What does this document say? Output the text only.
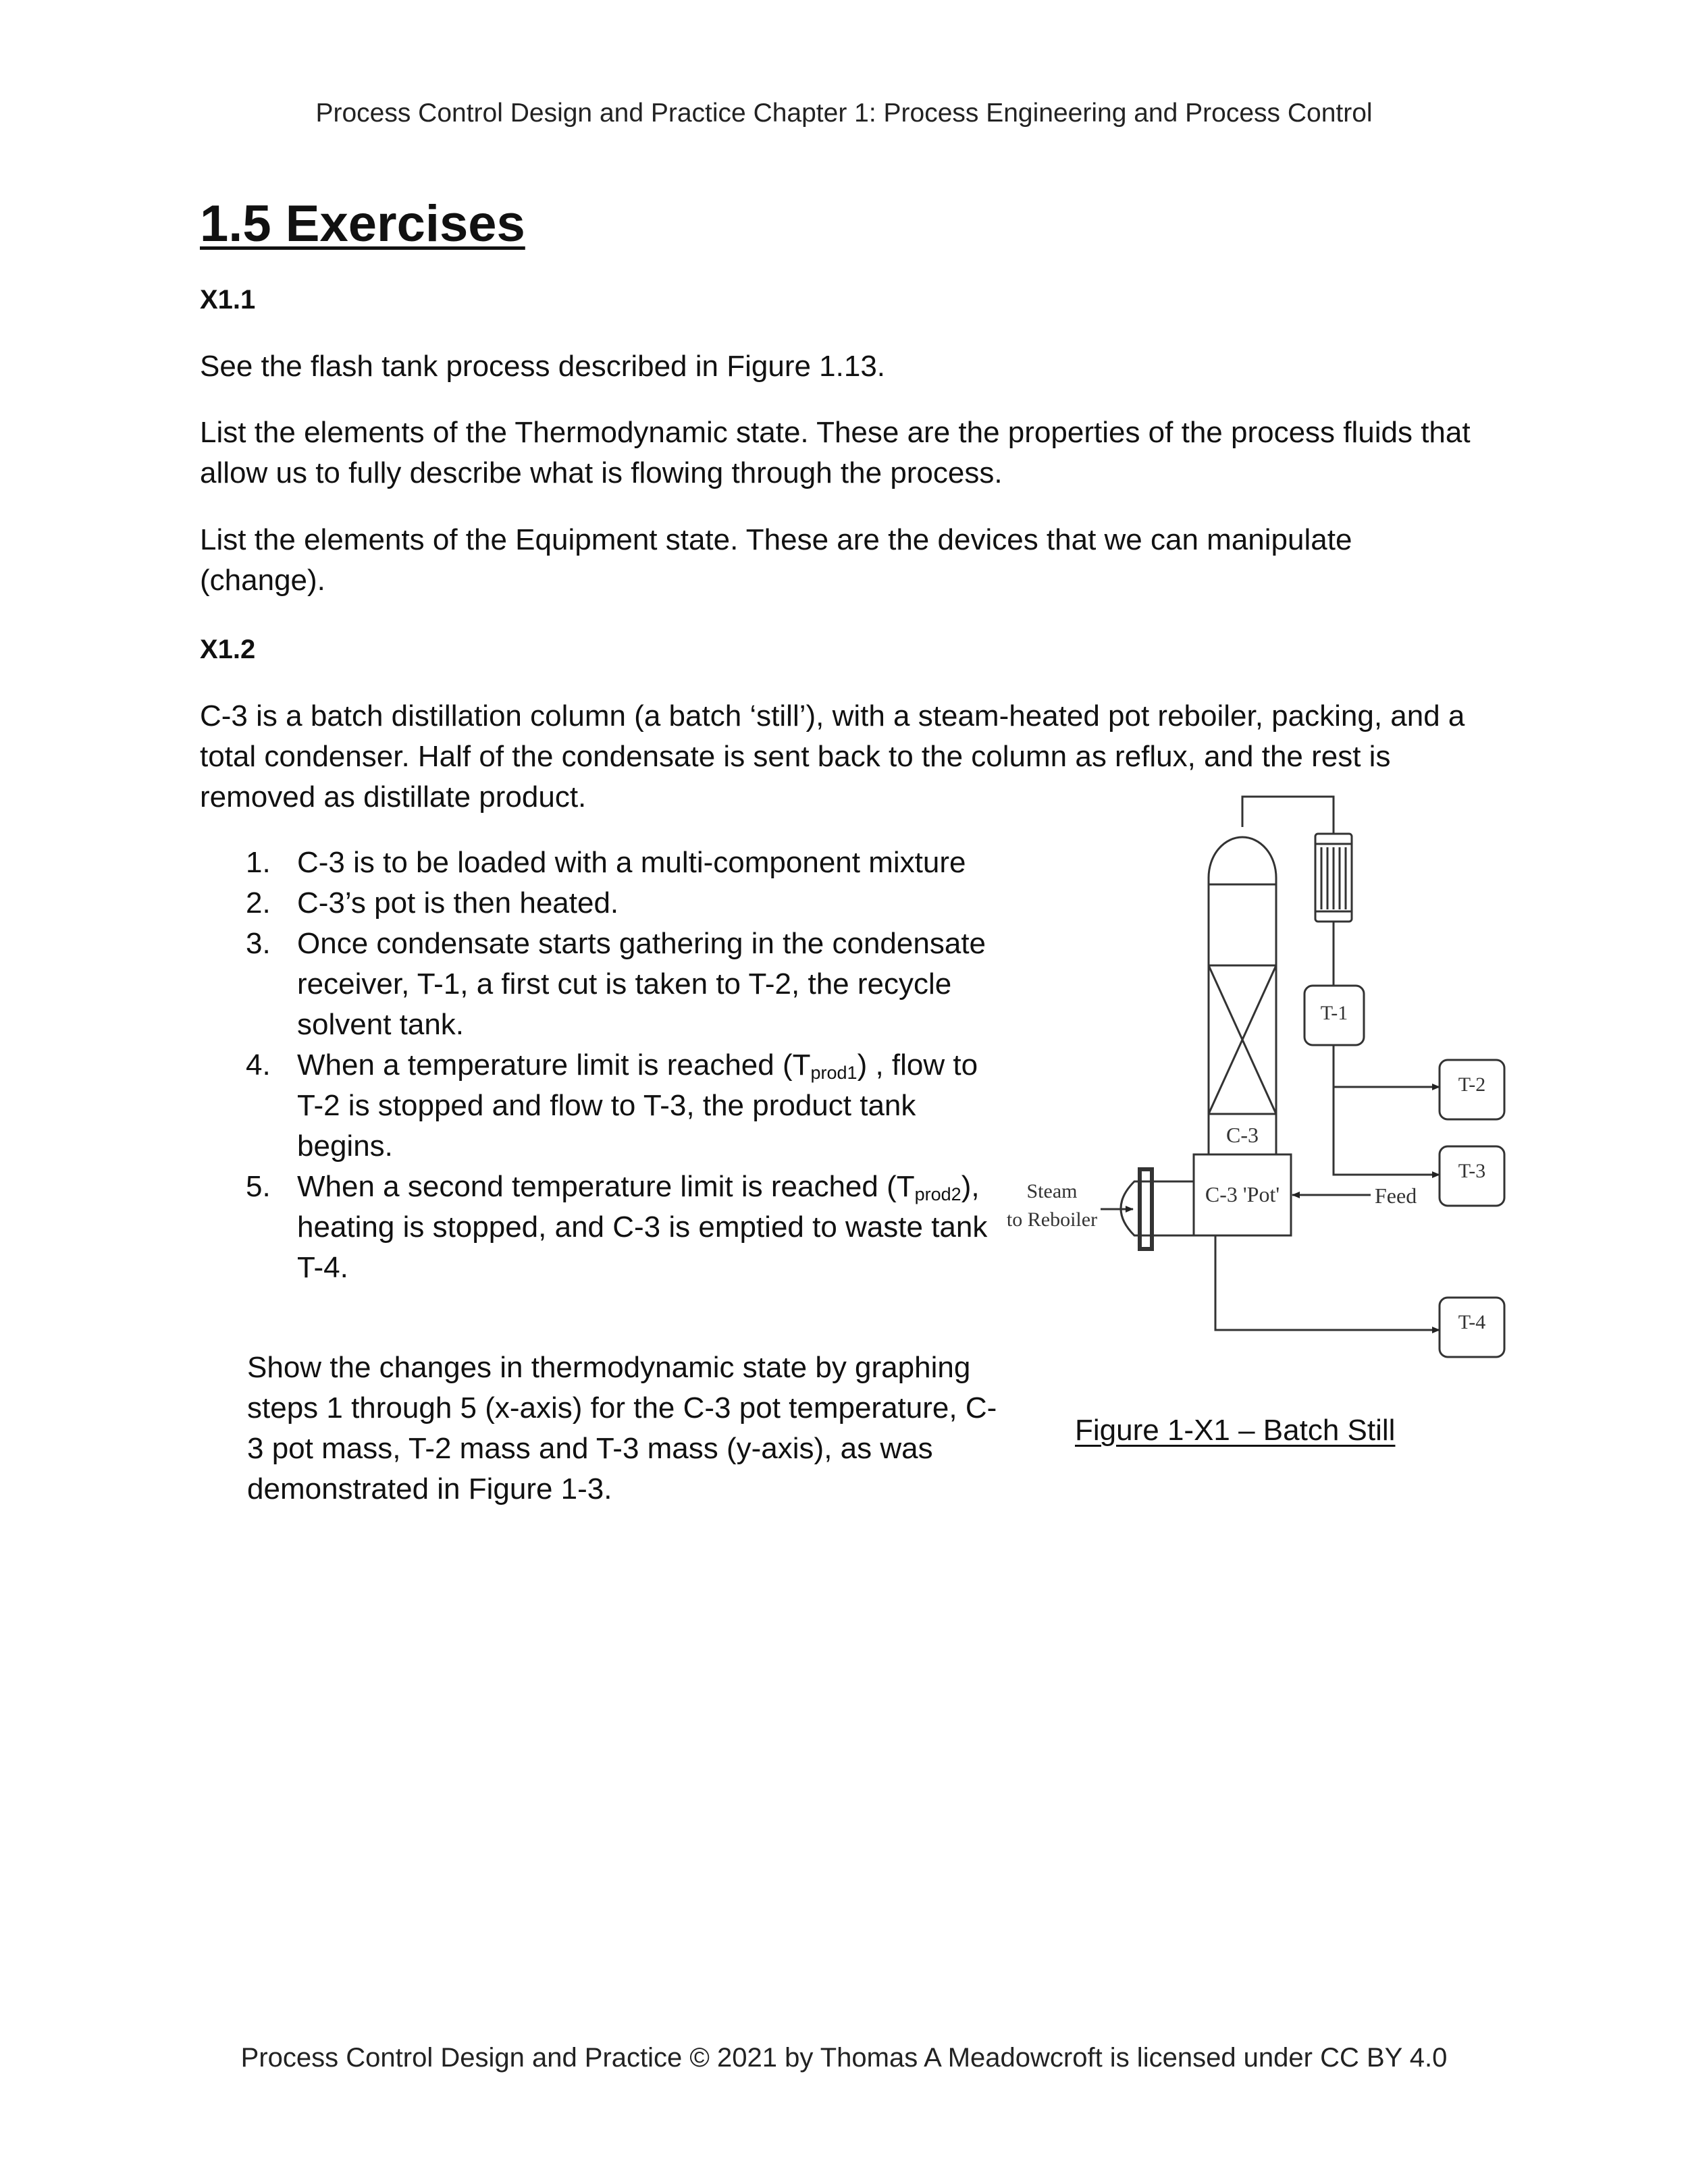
Process Control Design and Practice Chapter 1: Process Engineering and Process Control
1.5 Exercises
X1.1

See the flash tank process described in Figure 1.13.

List the elements of the Thermodynamic state. These are the properties of the process fluids that allow us to fully describe what is flowing through the process.

List the elements of the Equipment state. These are the devices that we can manipulate (change).

X1.2

C-3 is a batch distillation column (a batch ‘still’), with a steam-heated pot reboiler, packing, and a total condenser. Half of the condensate is sent back to the column as reflux, and the rest is removed as distillate product.

1. C-3 is to be loaded with a multi-component mixture
2. C-3’s pot is then heated.
3. Once condensate starts gathering in the condensate receiver, T-1, a first cut is taken to T-2, the recycle solvent tank.
4. When a temperature limit is reached $(T_{prod1})$ , flow to T-2 is stopped and flow to T-3, the product tank begins.
5. When a second temperature limit is reached $(T_{prod2})$, heating is stopped, and C-3 is emptied to waste tank T-4.

Show the changes in thermodynamic state by graphing steps 1 through 5 (x-axis) for the C-3 pot temperature, C-3 pot mass, T-2 mass and T-3 mass (y-axis), as was demonstrated in Figure 1-3.

T-1
T-2
T-3
T-4
C-3
C-3 'Pot'	Feed
Steam
to Reboiler
Figure 1-X1 – Batch Still
Process Control Design and Practice © 2021 by Thomas A Meadowcroft is licensed under CC BY 4.0
